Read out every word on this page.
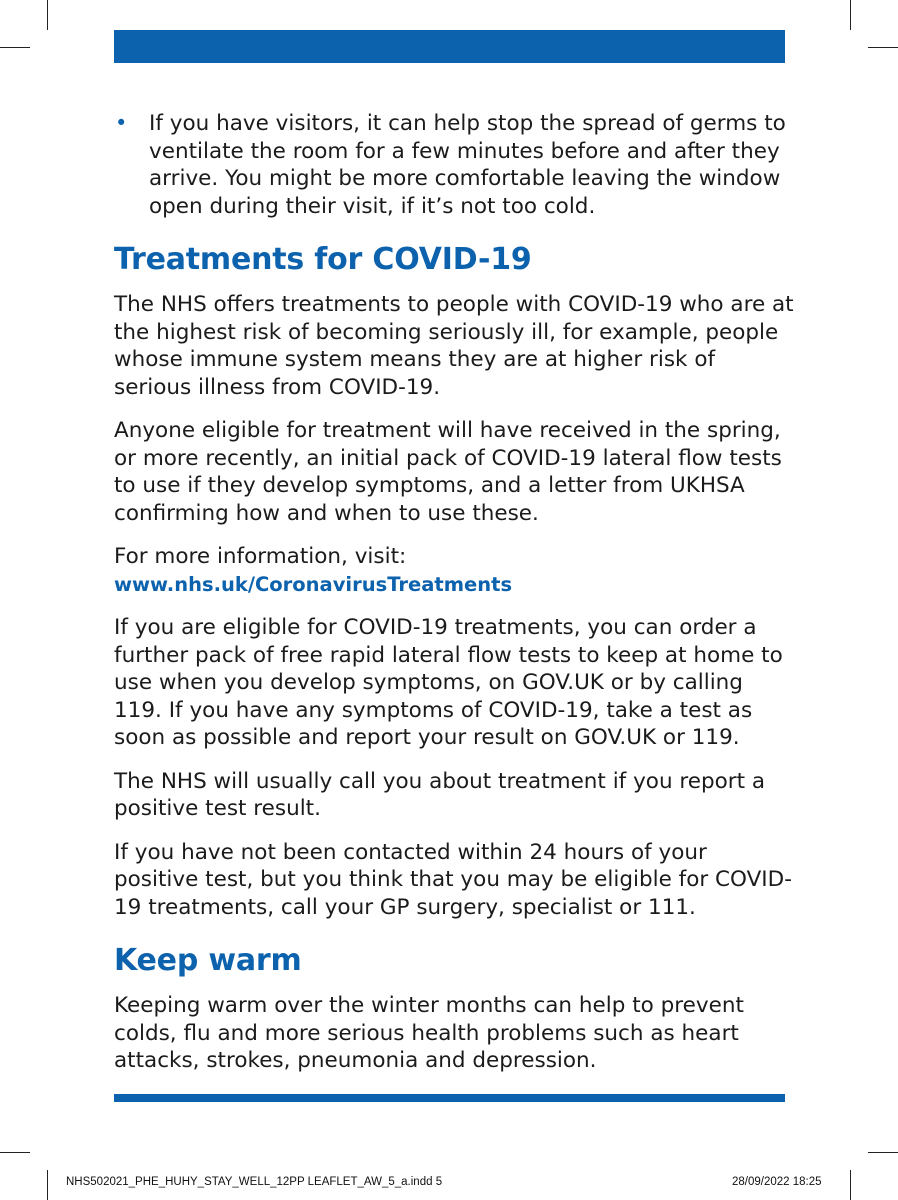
• If you have visitors, it can help stop the spread of germs to ventilate the room for a few minutes before and after they arrive. You might be more comfortable leaving the window open during their visit, if it’s not too cold.
Treatments for COVID-19

The NHS offers treatments to people with COVID-19 who are at the highest risk of becoming seriously ill, for example, people whose immune system means they are at higher risk of serious illness from COVID-19.

Anyone eligible for treatment will have received in the spring, or more recently, an initial pack of COVID-19 lateral flow tests to use if they develop symptoms, and a letter from UKHSA confirming how and when to use these.

For more information, visit:

www.nhs.uk/CoronavirusTreatments

If you are eligible for COVID-19 treatments, you can order a further pack of free rapid lateral flow tests to keep at home to use when you develop symptoms, on GOV.UK or by calling 119. If you have any symptoms of COVID-19, take a test as soon as possible and report your result on GOV.UK or 119.

The NHS will usually call you about treatment if you report a positive test result.

If you have not been contacted within 24 hours of your positive test, but you think that you may be eligible for COVID-19 treatments, call your GP surgery, specialist or 111.

Keep warm

Keeping warm over the winter months can help to prevent colds, flu and more serious health problems such as heart attacks, strokes, pneumonia and depression.

NHS502021_PHE_HUHY_STAY_WELL_12PP LEAFLET_AW_5_a.indd 5	28/09/2022 18:25
